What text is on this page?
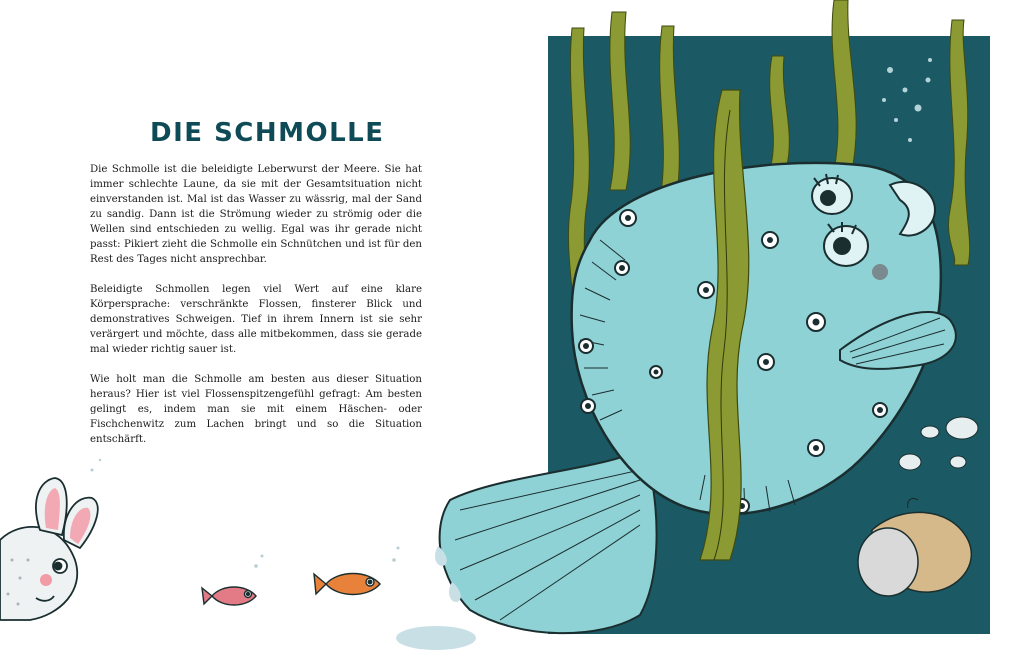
DIE SCHMOLLE

Die Schmolle ist die beleidigte Leberwurst der Meere. Sie hat immer schlechte Laune, da sie mit der Gesamtsituation nicht einverstanden ist. Mal ist das Wasser zu wässrig, mal der Sand zu sandig. Dann ist die Strömung wieder zu strömig oder die Wellen sind entschieden zu wellig. Egal was ihr gerade nicht passt: Pikiert zieht die Schmolle ein Schnütchen und ist für den Rest des Tages nicht ansprechbar.

Beleidigte Schmollen legen viel Wert auf eine klare Körpersprache: verschränkte Flossen, finsterer Blick und demonstratives Schweigen. Tief in ihrem Innern ist sie sehr verärgert und möchte, dass alle mitbekommen, dass sie gerade mal wieder richtig sauer ist.

Wie holt man die Schmolle am besten aus dieser Situation heraus? Hier ist viel Flossenspitzengefühl gefragt: Am besten gelingt es, indem man sie mit einem Häschen- oder Fischchenwitz zum Lachen bringt und so die Situation entschärft.
